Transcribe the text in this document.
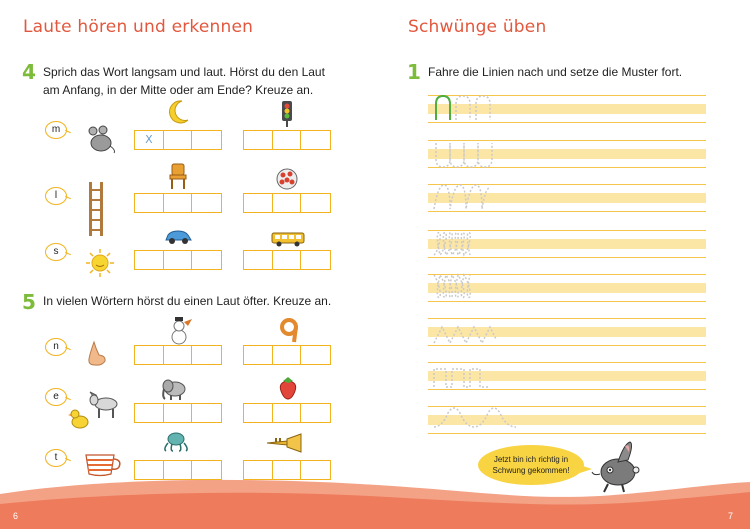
6	7
Laute hören und erkennen
4 Sprich das Wort langsam und laut. Hörst du den Laut
am Anfang, in der Mitte oder am Ende? Kreuze an.
m
X
l
s
5 In vielen Wörtern hörst du einen Laut öfter. Kreuze an.
n
e
t
Schwünge üben
1 Fahre die Linien nach und setze die Muster fort.
Jetzt bin ich richtig in
Schwung gekommen!
